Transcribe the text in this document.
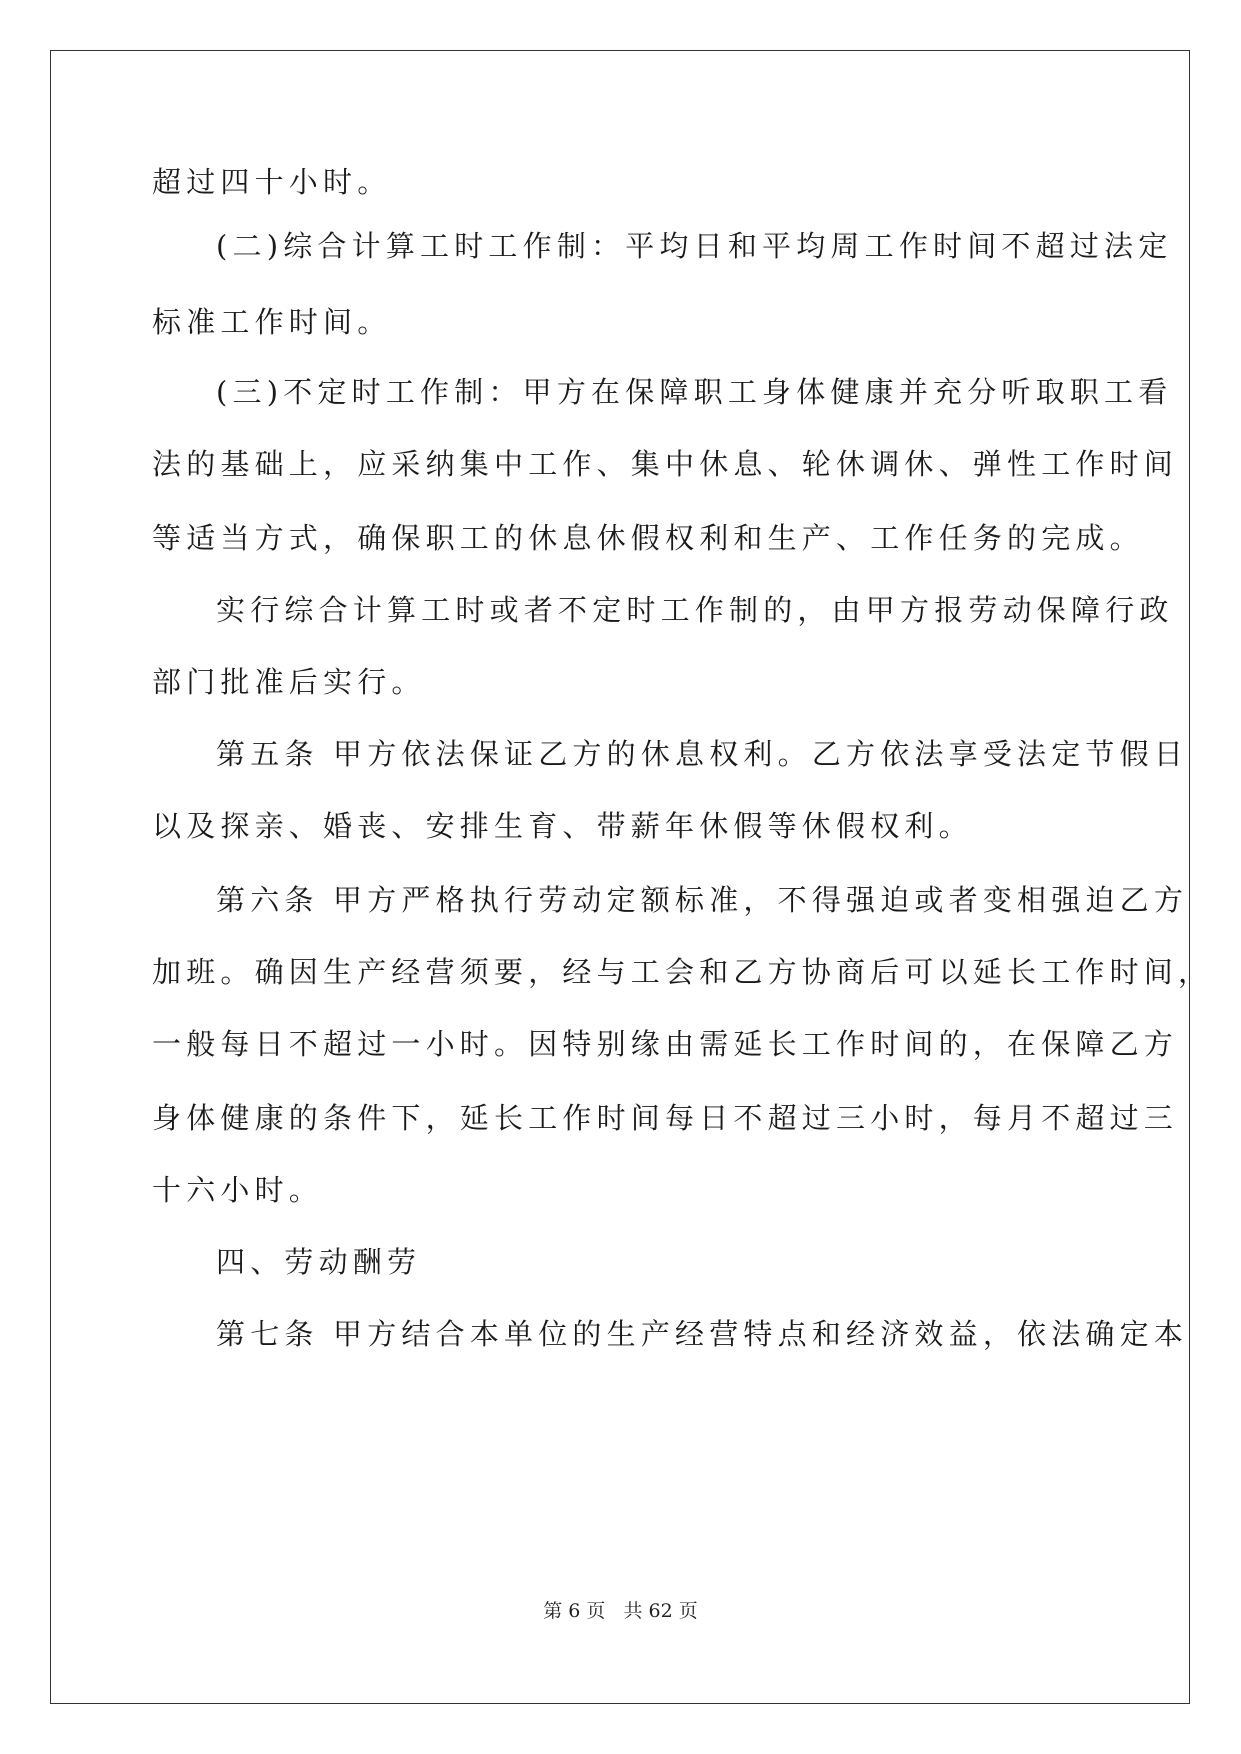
超过四十小时。
(二)综合计算工时工作制：平均日和平均周工作时间不超过法定
标准工作时间。
(三)不定时工作制：甲方在保障职工身体健康并充分听取职工看
法的基础上，应采纳集中工作、集中休息、轮休调休、弹性工作时间
等适当方式，确保职工的休息休假权利和生产、工作任务的完成。
实行综合计算工时或者不定时工作制的，由甲方报劳动保障行政
部门批准后实行。
第五条 甲方依法保证乙方的休息权利。乙方依法享受法定节假日
以及探亲、婚丧、安排生育、带薪年休假等休假权利。
第六条 甲方严格执行劳动定额标准，不得强迫或者变相强迫乙方
加班。确因生产经营须要，经与工会和乙方协商后可以延长工作时间，
一般每日不超过一小时。因特别缘由需延长工作时间的，在保障乙方
身体健康的条件下，延长工作时间每日不超过三小时，每月不超过三
十六小时。
四、劳动酬劳
第七条 甲方结合本单位的生产经营特点和经济效益，依法确定本
第 6 页 共 62 页
